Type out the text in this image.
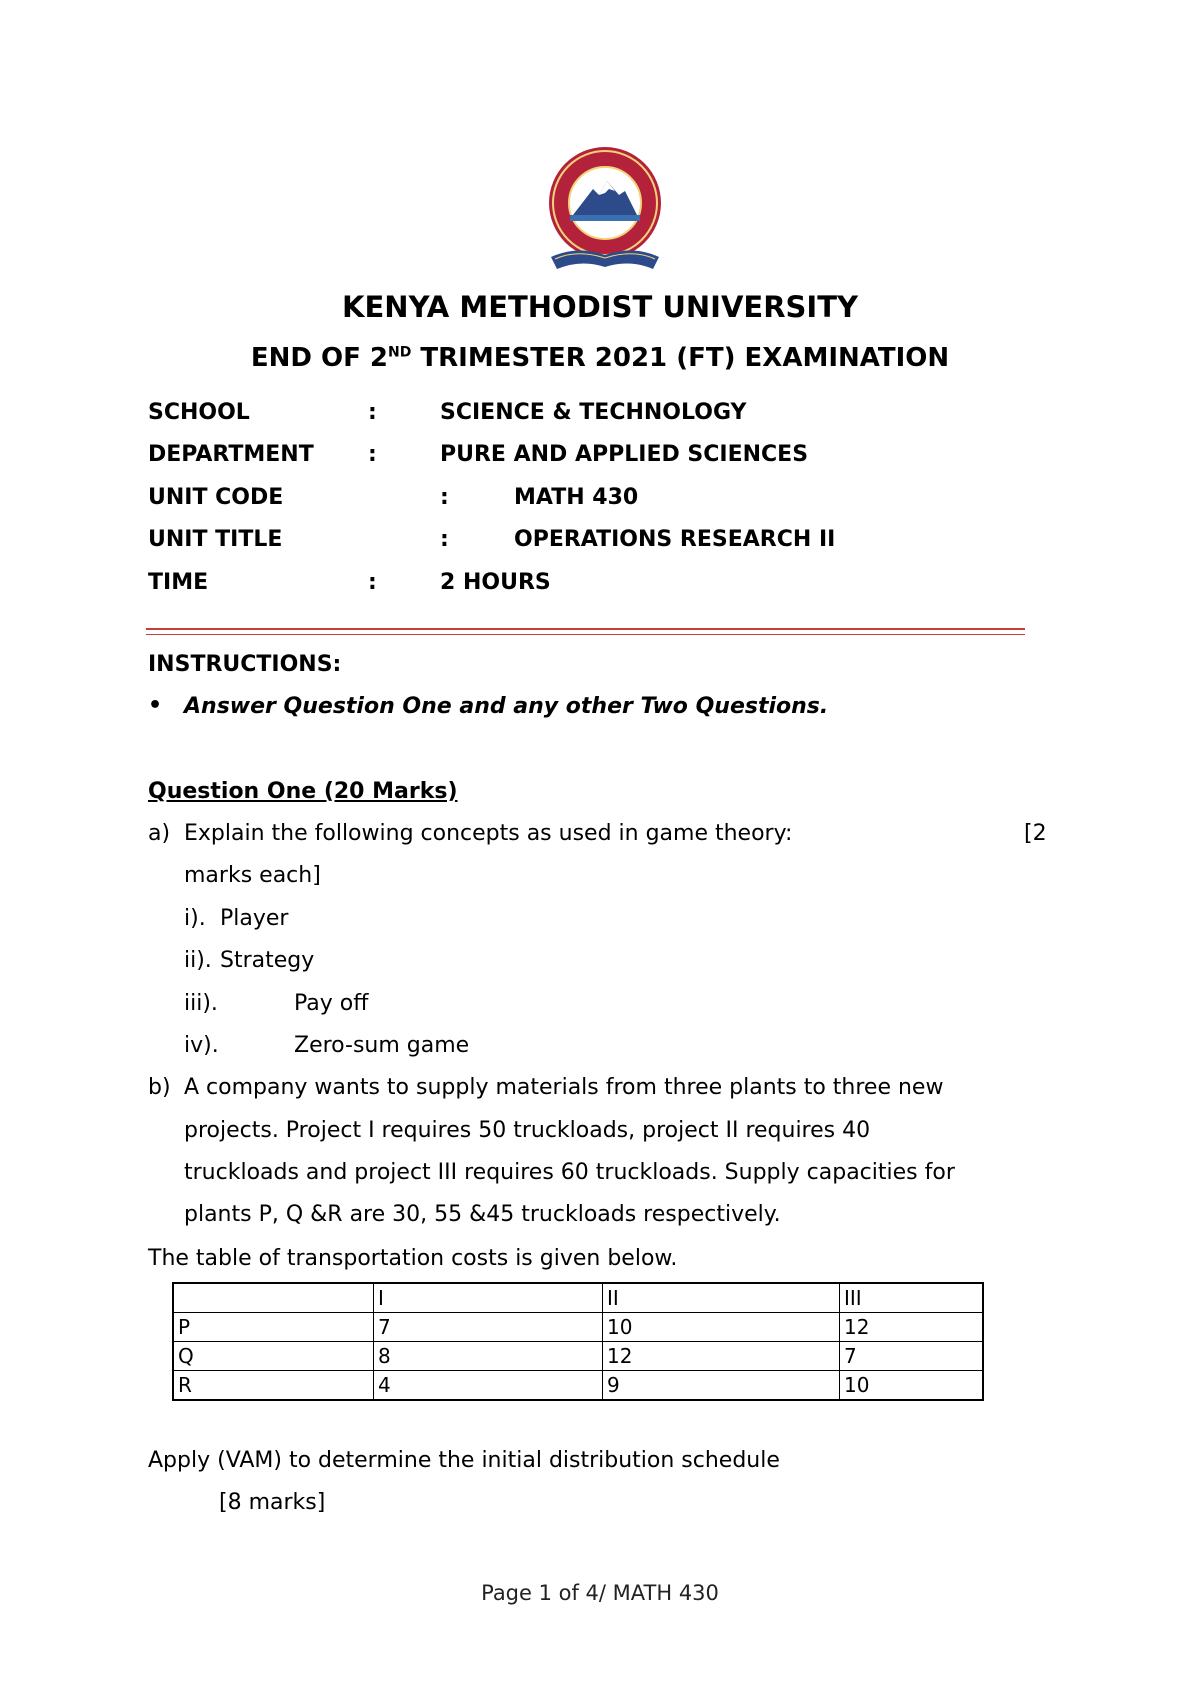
KENYA METHODIST UNIVERSITY
END OF 2ND TRIMESTER 2021 (FT) EXAMINATION
SCHOOL	:	SCIENCE & TECHNOLOGY
DEPARTMENT :	PURE AND APPLIED SCIENCES
UNIT CODE	:	MATH 430
UNIT TITLE	:	OPERATIONS RESEARCH II
TIME	:	2 HOURS
INSTRUCTIONS:
• Answer Question One and any other Two Questions.
Question One (20 Marks)
a) Explain the following concepts as used in game theory:	[2
marks each]
i). Player
ii). Strategy
iii).	Pay off
iv).	Zero-sum game
b) A company wants to supply materials from three plants to three new
projects. Project I requires 50 truckloads, project II requires 40
truckloads and project III requires 60 truckloads. Supply capacities for
plants P, Q &R are 30, 55 &45 truckloads respectively.
The table of transportation costs is given below.
	I	II	III
P	7	10	12
Q	8	12	7
R	4	9	10
Apply (VAM) to determine the initial distribution schedule
[8 marks]
Page 1 of 4/ MATH 430
